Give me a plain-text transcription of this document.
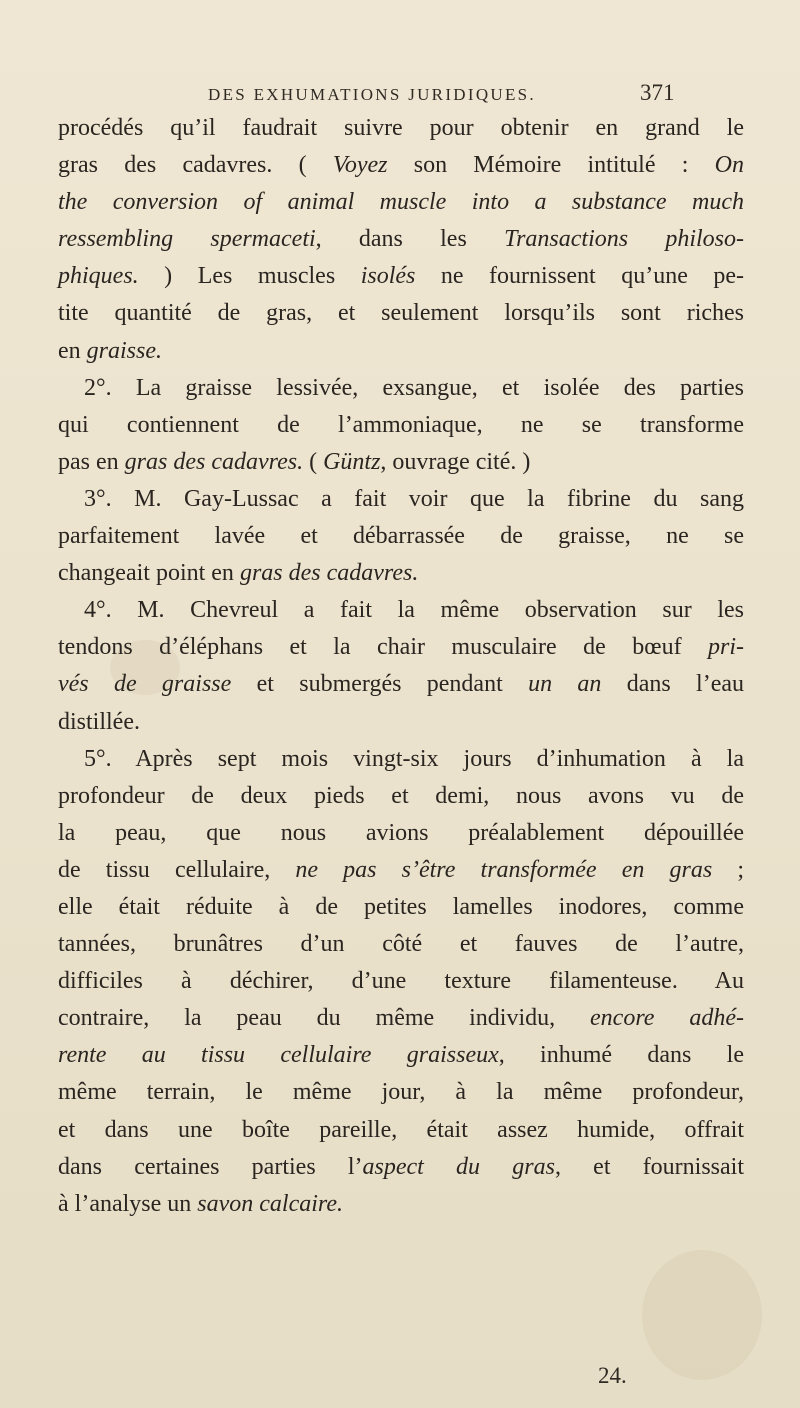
DES EXHUMATIONS JURIDIQUES.	371
procédés qu’il faudrait suivre pour obtenir en grand le
gras des cadavres. ( Voyez son Mémoire intitulé : On
the conversion of animal muscle into a substance much
ressembling spermaceti, dans les Transactions philoso-
phiques. ) Les muscles isolés ne fournissent qu’une pe-
tite quantité de gras, et seulement lorsqu’ils sont riches
en graisse.
2°. La graisse lessivée, exsangue, et isolée des parties
qui contiennent de l’ammoniaque, ne se transforme
pas en gras des cadavres. ( Güntz, ouvrage cité. )
3°. M. Gay-Lussac a fait voir que la fibrine du sang
parfaitement lavée et débarrassée de graisse, ne se
changeait point en gras des cadavres.
4°. M. Chevreul a fait la même observation sur les
tendons d’éléphans et la chair musculaire de bœuf pri-
vés de graisse et submergés pendant un an dans l’eau
distillée.
5°. Après sept mois vingt-six jours d’inhumation à la
profondeur de deux pieds et demi, nous avons vu de
la peau, que nous avions préalablement dépouillée
de tissu cellulaire, ne pas s’être transformée en gras ;
elle était réduite à de petites lamelles inodores, comme
tannées, brunâtres d’un côté et fauves de l’autre,
difficiles à déchirer, d’une texture filamenteuse. Au
contraire, la peau du même individu, encore adhé-
rente au tissu cellulaire graisseux, inhumé dans le
même terrain, le même jour, à la même profondeur,
et dans une boîte pareille, était assez humide, offrait
dans certaines parties l’aspect du gras, et fournissait
à l’analyse un savon calcaire.
24.
